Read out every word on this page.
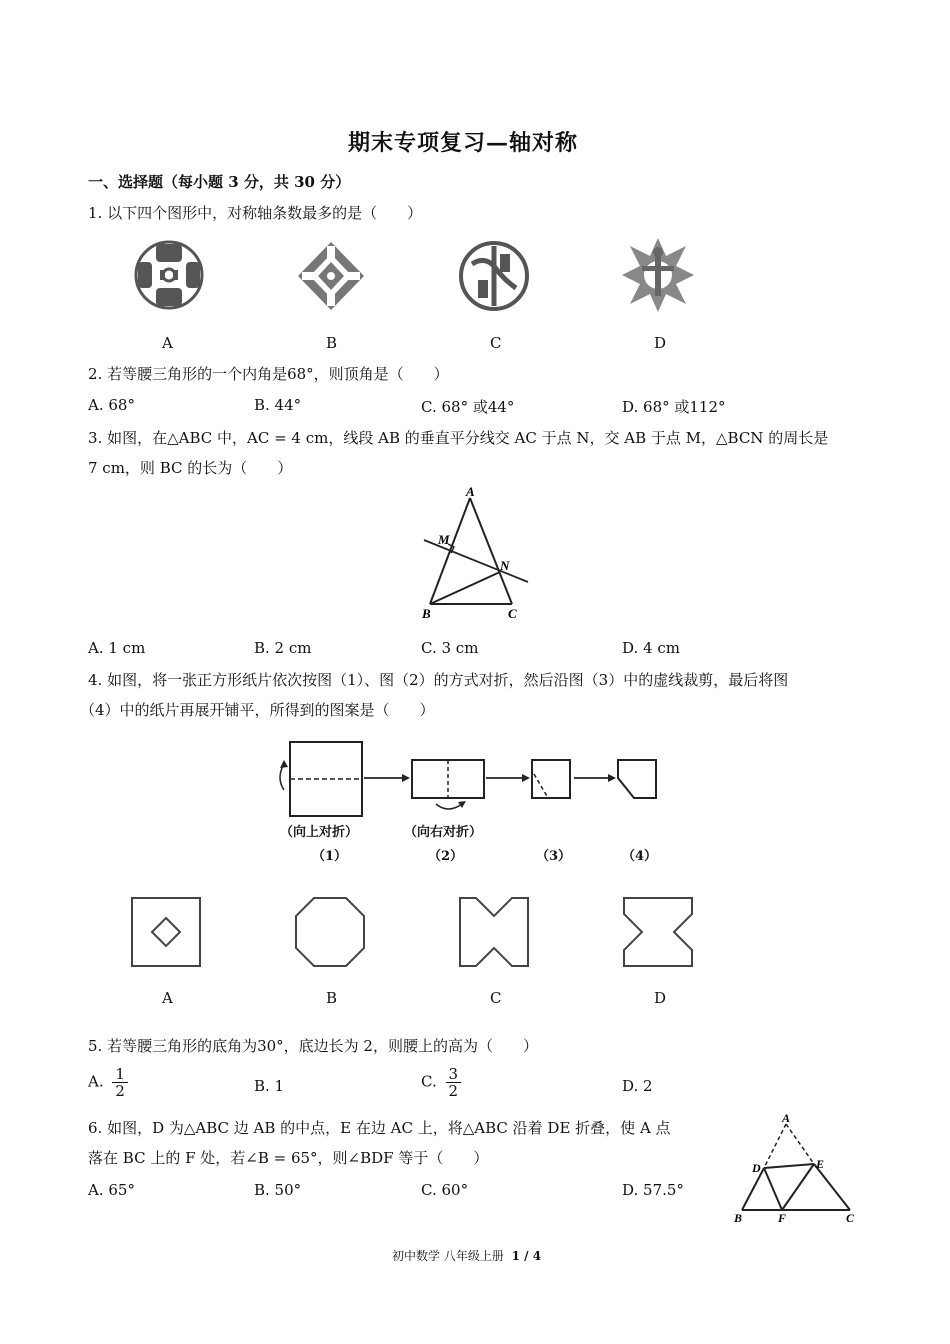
期末专项复习—轴对称
一、选择题（每小题 3 分，共 30 分）
1. 以下四个图形中，对称轴条数最多的是（　　）
A	B	C	D
2. 若等腰三角形的一个内角是68°，则顶角是（　　）
A. 68°	B. 44°	C. 68° 或44°	D. 68° 或112°
3. 如图，在△ABC 中，AC = 4 cm，线段 AB 的垂直平分线交 AC 于点 N，交 AB 于点 M，△BCN 的周长是
7 cm，则 BC 的长为（　　）
A
M
N
B	C
A. 1 cm	B. 2 cm	C. 3 cm	D. 4 cm
4. 如图，将一张正方形纸片依次按图（1）、图（2）的方式对折，然后沿图（3）中的虚线裁剪，最后将图
（4）中的纸片再展开铺平，所得到的图案是（　　）
（向上对折）	（向右对折）
（1）	（2）	（3）	（4）
A	B	C	D
5. 若等腰三角形的底角为30°，底边长为 2，则腰上的高为（　　）
A. $\frac{1}{2}$	B. 1	C. $\frac{3}{2}$	D. 2
6. 如图，D 为△ABC 边 AB 的中点，E 在边 AC 上，将△ABC 沿着 DE 折叠，使 A 点
落在 BC 上的 F 处，若∠B = 65°，则∠BDF 等于（　　）
A. 65°	B. 50°	C. 60°	D. 57.5°
A
D	E
B	F	C
初中数学 八年级上册 1 / 4
